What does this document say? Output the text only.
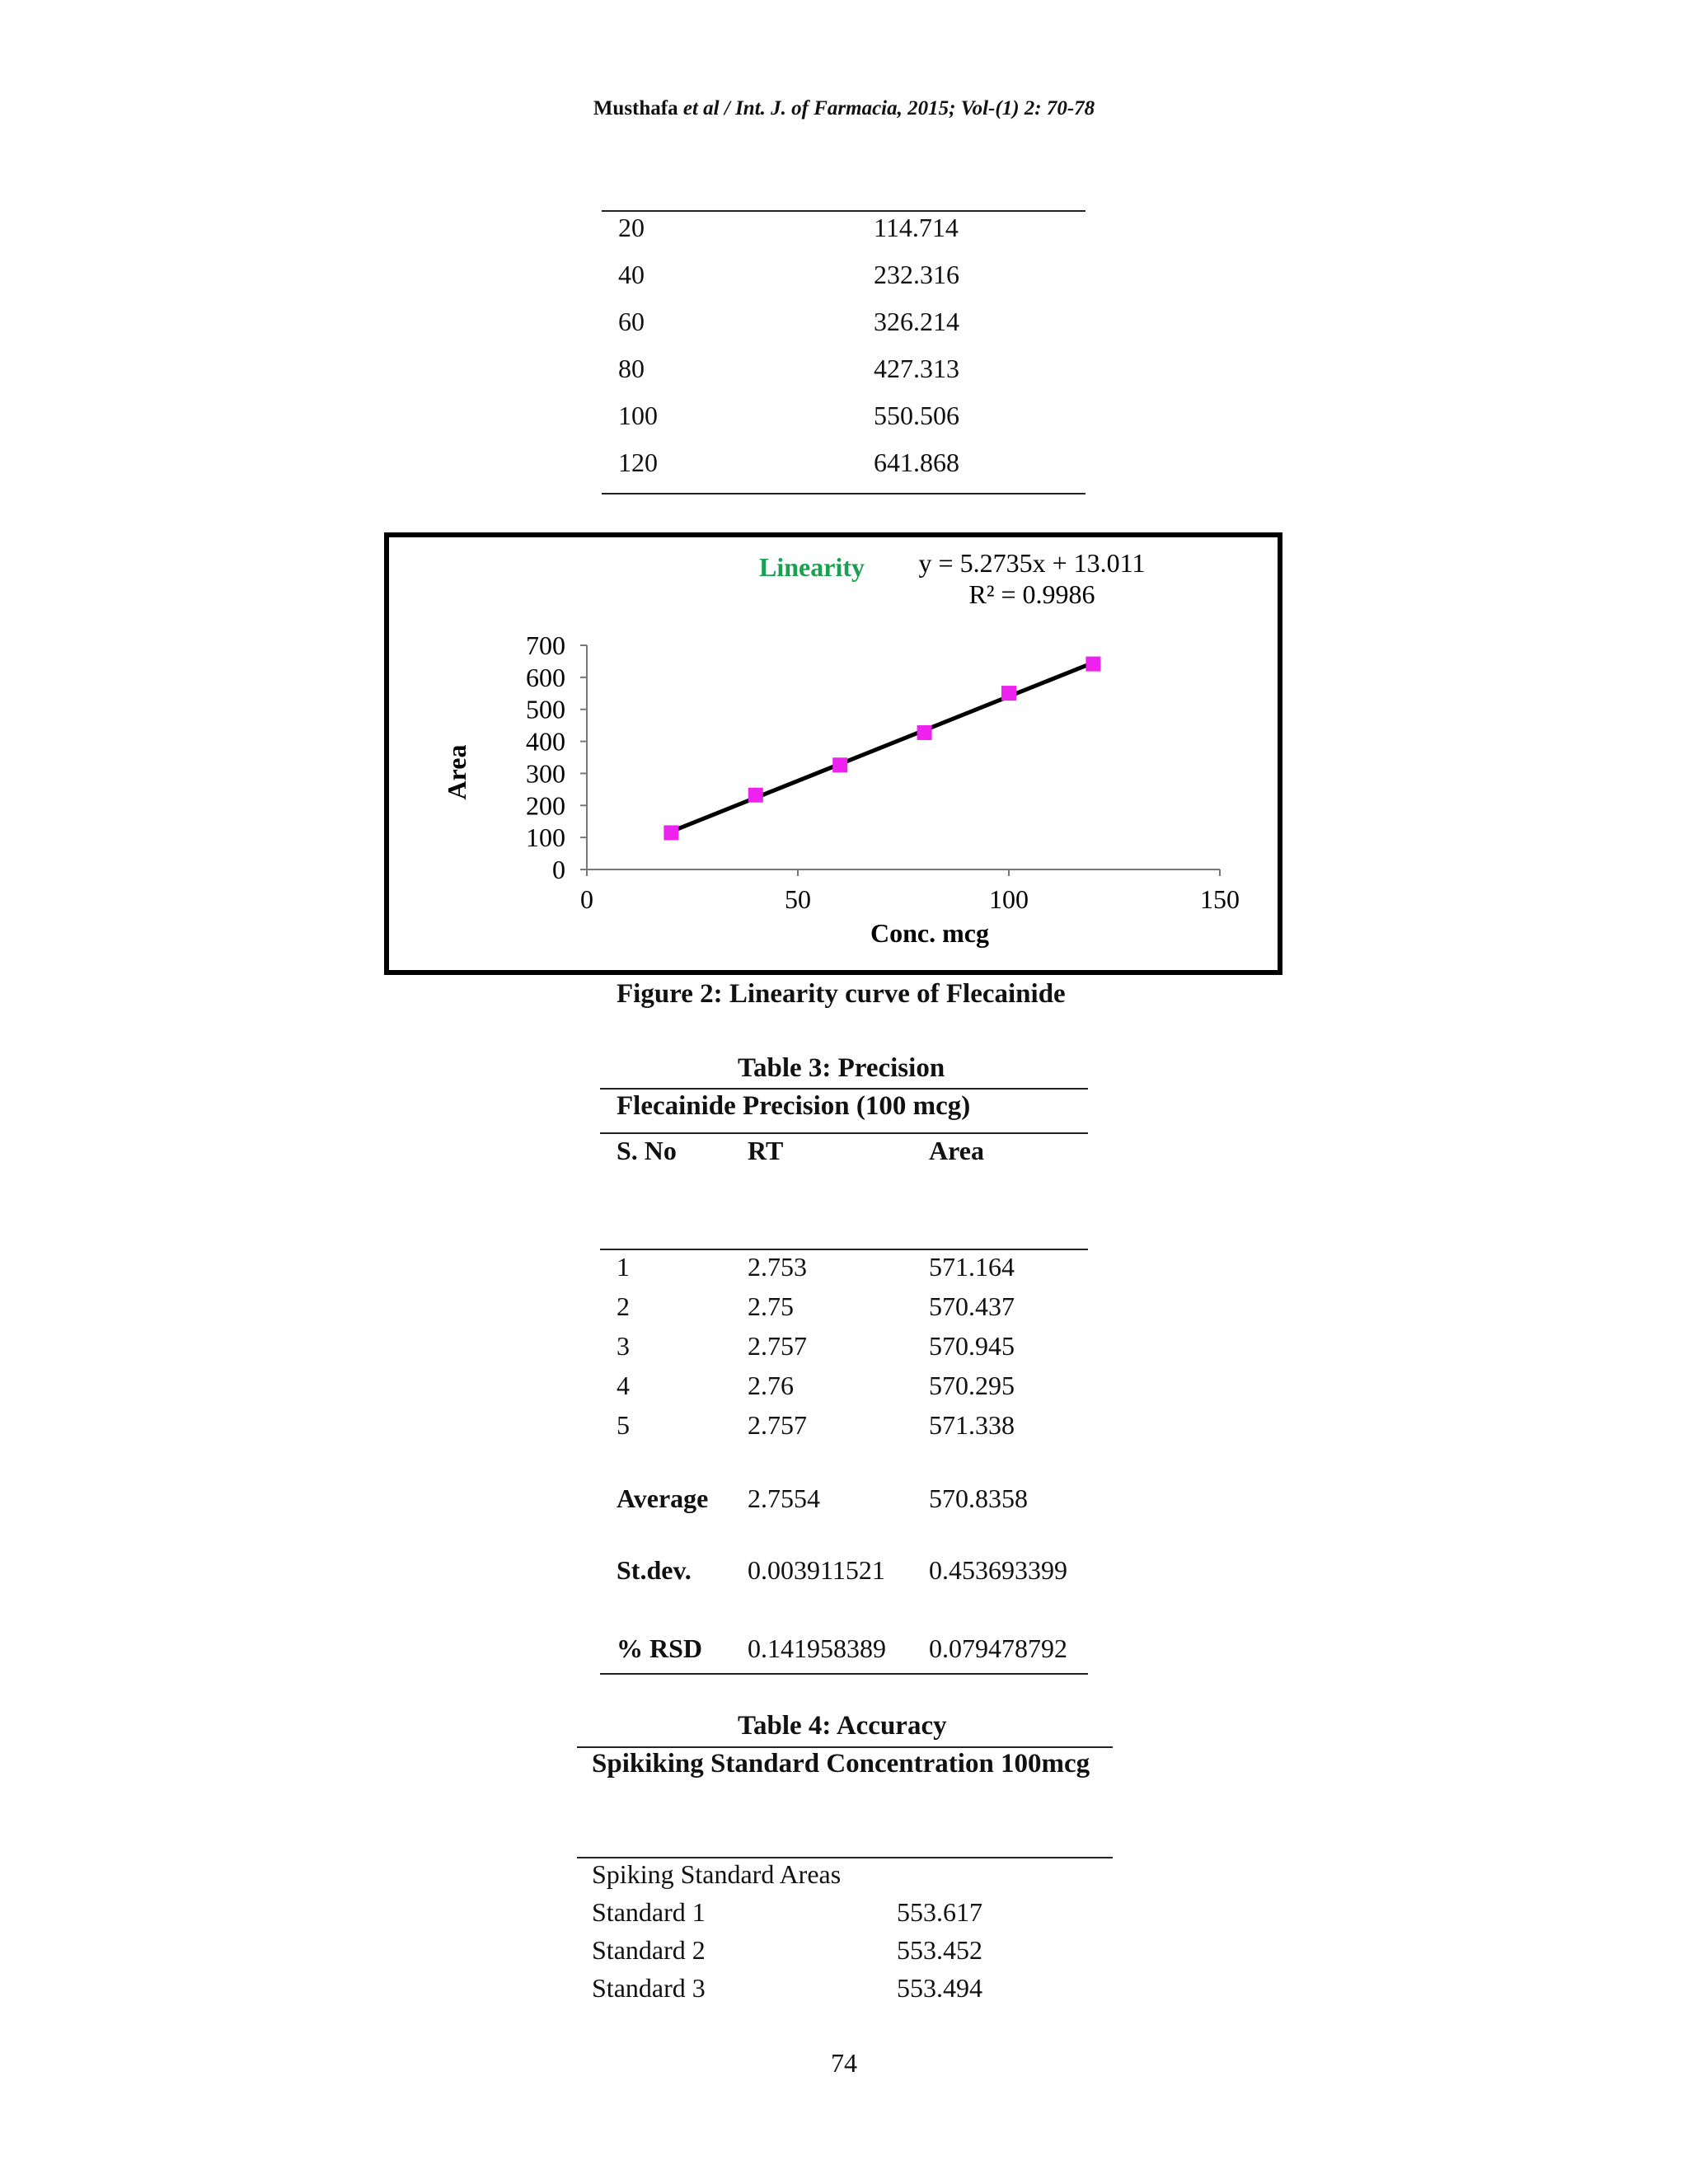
Musthafa et al / Int. J. of Farmacia, 2015; Vol-(1) 2: 70-78
20	114.714
40	232.316
60	326.214
80	427.313
100	550.506
120	641.868
Linearity y = 5.2735x + 13.011
R² = 0.9986
Area
Conc. mcg
0
100
200
300
400
500
600
700
0	50	100	150
Figure 2: Linearity curve of Flecainide
Table 3: Precision
Flecainide Precision (100 mcg)
S. No	RT	Area
1	2.753	571.164
2	2.75	570.437
3	2.757	570.945
4	2.76	570.295
5	2.757	571.338
Average 2.7554	570.8358
St.dev. 0.003911521 0.453693399
% RSD 0.141958389 0.079478792
Table 4: Accuracy
Spikiking Standard Concentration 100mcg
Spiking Standard Areas
Standard 1	553.617
Standard 2	553.452
Standard 3	553.494
74
